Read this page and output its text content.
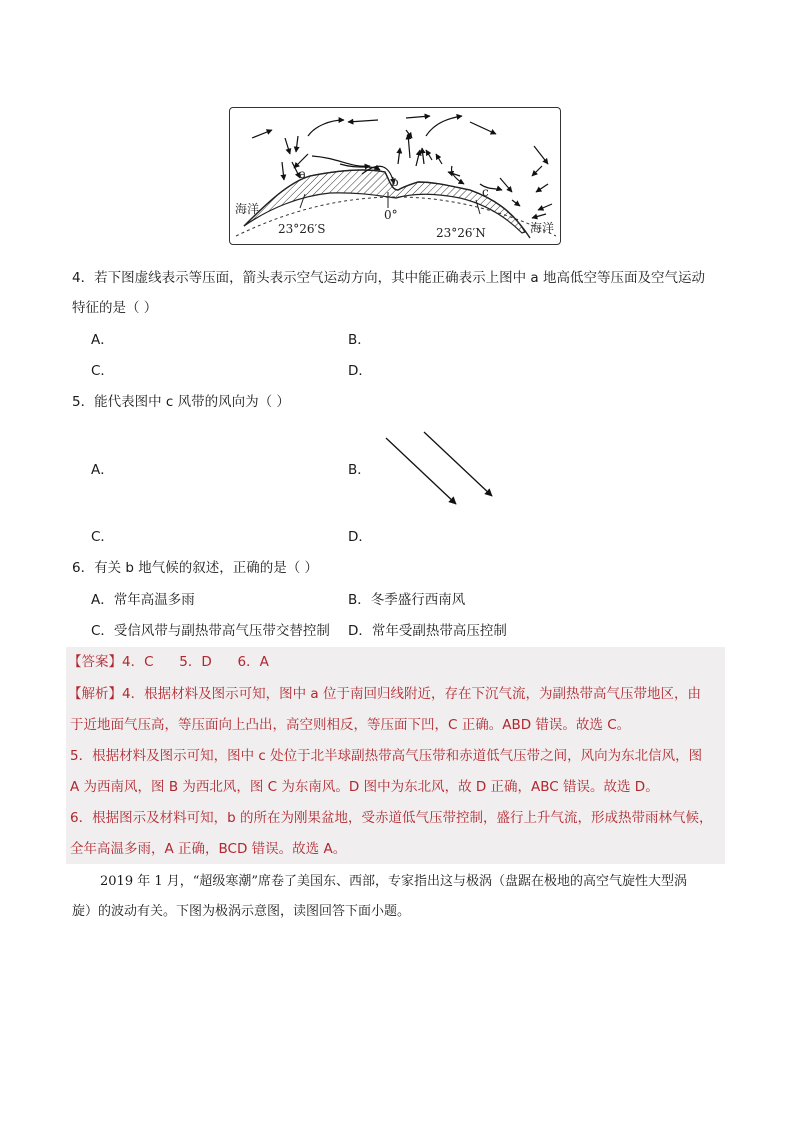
海洋
海洋
a
b
c
23°26′S
0°
23°26′N
4．若下图虚线表示等压面，箭头表示空气运动方向，其中能正确表示上图中 a 地高低空等压面及空气运动
特征的是（ ）
A．	B．
C．	D．
5．能代表图中 c 风带的风向为（ ）
A．	B．
C．	D．
6．有关 b 地气候的叙述，正确的是（ ）
A．常年高温多雨	B．冬季盛行西南风
C．受信风带与副热带高气压带交替控制 D．常年受副热带高压控制
【答案】4．C      5．D      6．A
【解析】4．根据材料及图示可知，图中 a 位于南回归线附近，存在下沉气流，为副热带高气压带地区，由
于近地面气压高，等压面向上凸出，高空则相反，等压面下凹，C 正确。ABD 错误。故选 C。
5．根据材料及图示可知，图中 c 处位于北半球副热带高气压带和赤道低气压带之间，风向为东北信风，图
A 为西南风，图 B 为西北风，图 C 为东南风。D 图中为东北风，故 D 正确，ABC 错误。故选 D。
6．根据图示及材料可知，b 的所在为刚果盆地，受赤道低气压带控制，盛行上升气流，形成热带雨林气候，
全年高温多雨，A 正确，BCD 错误。故选 A。
2019 年 1 月，“超级寒潮”席卷了美国东、西部，专家指出这与极涡（盘踞在极地的高空气旋性大型涡
旋）的波动有关。下图为极涡示意图，读图回答下面小题。
